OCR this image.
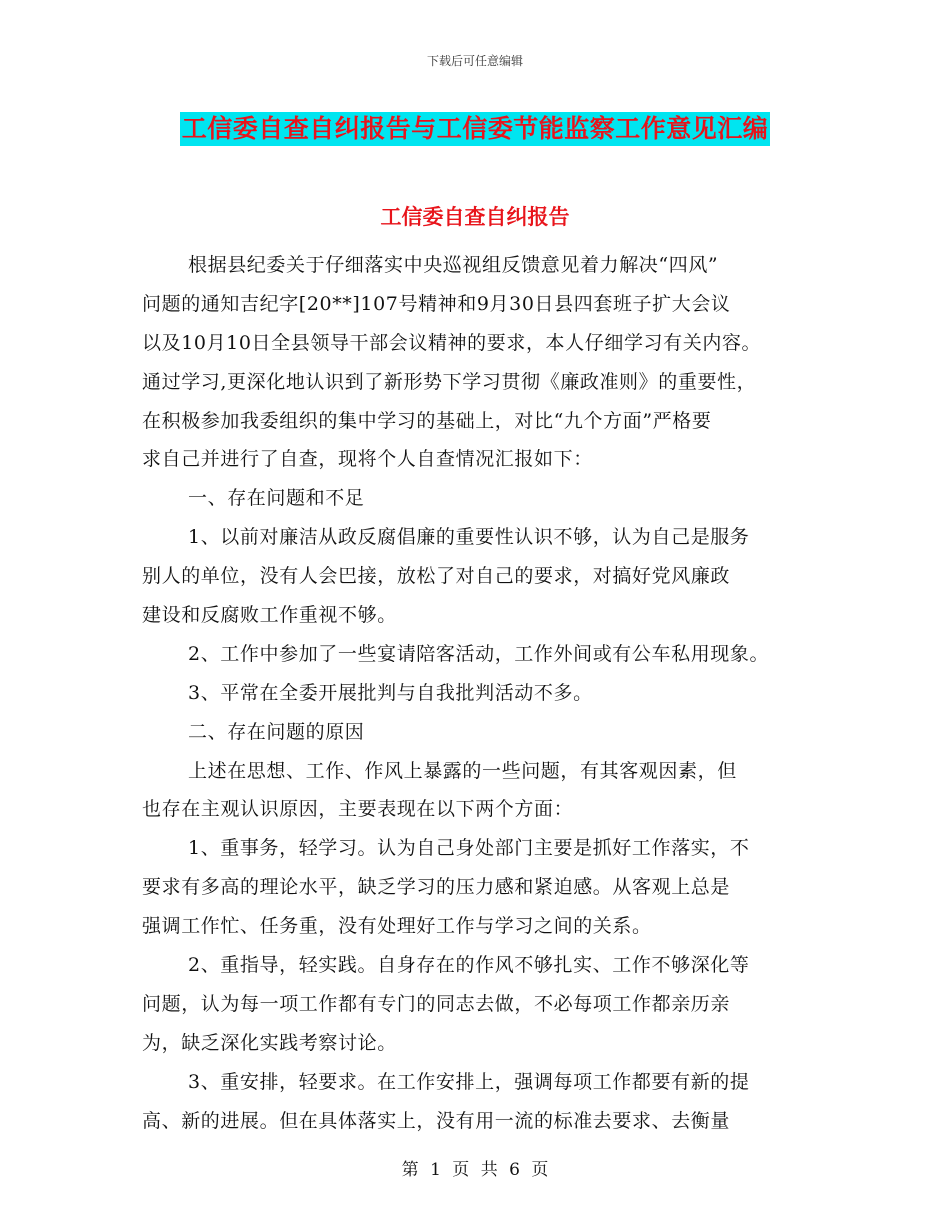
下载后可任意编辑
工信委自查自纠报告与工信委节能监察工作意见汇编
工信委自查自纠报告
根据县纪委关于仔细落实中央巡视组反馈意见着力解决“四风”
问题的通知吉纪字[20**]107号精神和9月30日县四套班子扩大会议
以及10月10日全县领导干部会议精神的要求，本人仔细学习有关内容。
通过学习,更深化地认识到了新形势下学习贯彻《廉政准则》的重要性，
在积极参加我委组织的集中学习的基础上，对比“九个方面”严格要
求自己并进行了自查，现将个人自查情况汇报如下：
一、存在问题和不足
1、以前对廉洁从政反腐倡廉的重要性认识不够，认为自己是服务
别人的单位，没有人会巴接，放松了对自己的要求，对搞好党风廉政
建设和反腐败工作重视不够。
2、工作中参加了一些宴请陪客活动，工作外间或有公车私用现象。
3、平常在全委开展批判与自我批判活动不多。
二、存在问题的原因
上述在思想、工作、作风上暴露的一些问题，有其客观因素，但
也存在主观认识原因，主要表现在以下两个方面：
1、重事务，轻学习。认为自己身处部门主要是抓好工作落实，不
要求有多高的理论水平，缺乏学习的压力感和紧迫感。从客观上总是
强调工作忙、任务重，没有处理好工作与学习之间的关系。
2、重指导，轻实践。自身存在的作风不够扎实、工作不够深化等
问题，认为每一项工作都有专门的同志去做，不必每项工作都亲历亲
为，缺乏深化实践考察讨论。
3、重安排，轻要求。在工作安排上，强调每项工作都要有新的提
高、新的进展。但在具体落实上，没有用一流的标准去要求、去衡量
第 1 页 共 6 页
